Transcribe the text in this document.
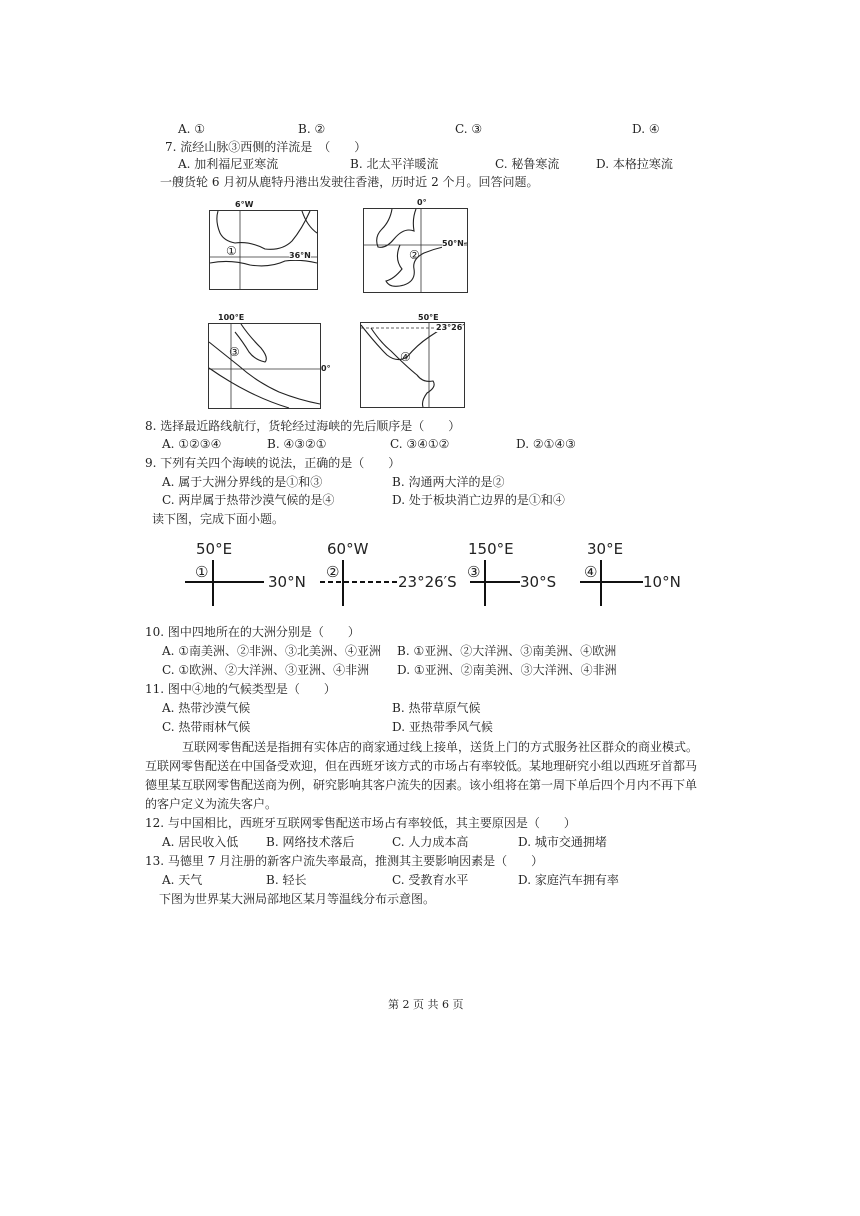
A. ①	B. ②	C. ③	D. ④
7. 流经山脉③西侧的洋流是　（　　）
A. 加利福尼亚寒流	B. 北太平洋暖流	C. 秘鲁寒流	D. 本格拉寒流
一艘货轮 6 月初从鹿特丹港出发驶往香港，历时近 2 个月。回答问题。
6°W
①	36°N
0°
②
50°N
100°E
③
0°
50°E
④
23°26′
8. 选择最近路线航行，货轮经过海峡的先后顺序是（　　）
A. ①②③④	B. ④③②①	C. ③④①②	D. ②①④③
9. 下列有关四个海峡的说法，正确的是（　　）
A. 属于大洲分界线的是①和③	B. 沟通两大洋的是②
C. 两岸属于热带沙漠气候的是④	D. 处于板块消亡边界的是①和④
读下图，完成下面小题。
50°E
①
30°N
60°W
②
23°26′S
150°E
③
30°S
30°E
④
10°N
10. 图中四地所在的大洲分别是（　　）
A. ①南美洲、②非洲、③北美洲、④亚洲 B. ①亚洲、②大洋洲、③南美洲、④欧洲
C. ①欧洲、②大洋洲、③亚洲、④非洲 D. ①亚洲、②南美洲、③大洋洲、④非洲
11. 图中④地的气候类型是（　　）
A. 热带沙漠气候	B. 热带草原气候
C. 热带雨林气候	D. 亚热带季风气候
互联网零售配送是指拥有实体店的商家通过线上接单，送货上门的方式服务社区群众的商业模式。
互联网零售配送在中国备受欢迎，但在西班牙该方式的市场占有率较低。某地理研究小组以西班牙首都马
德里某互联网零售配送商为例，研究影响其客户流失的因素。该小组将在第一周下单后四个月内不再下单
的客户定义为流失客户。
12. 与中国相比，西班牙互联网零售配送市场占有率较低，其主要原因是（　　）
A. 居民收入低 B. 网络技术落后	C. 人力成本高	D. 城市交通拥堵
13. 马德里 7 月注册的新客户流失率最高，推测其主要影响因素是（　　）
A. 天气	B. 轻长	C. 受教育水平	D. 家庭汽车拥有率
下图为世界某大洲局部地区某月等温线分布示意图。
第 2 页 共 6 页
